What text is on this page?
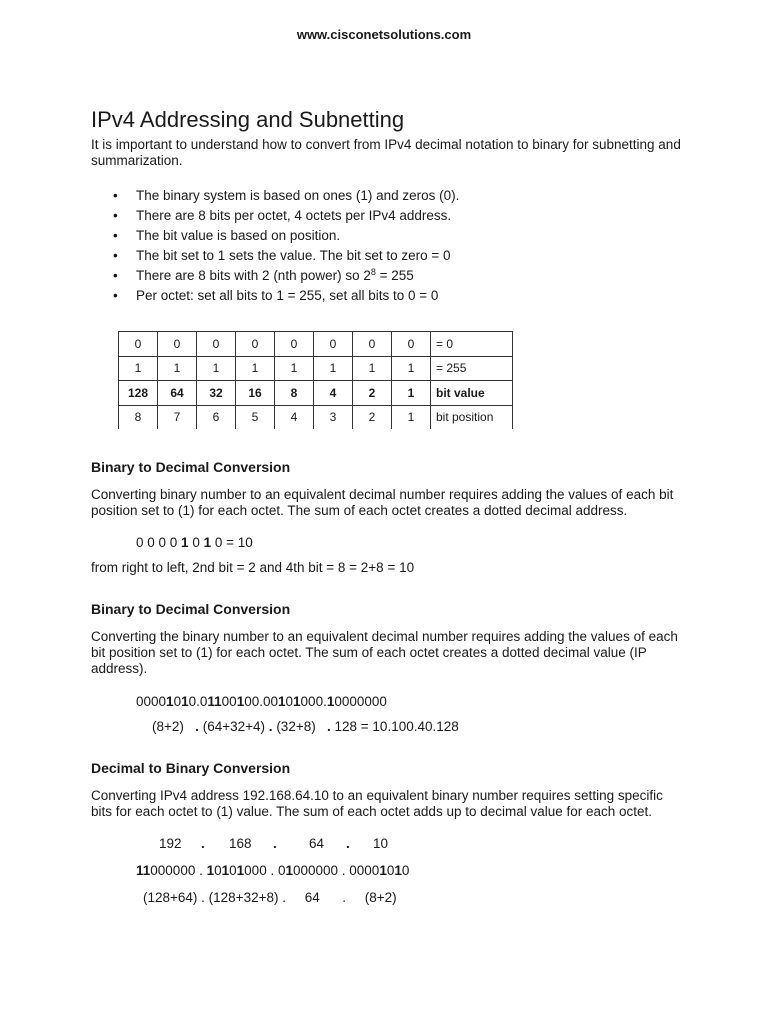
www.cisconetsolutions.com
IPv4 Addressing and Subnetting

It is important to understand how to convert from IPv4 decimal notation to binary for subnetting and summarization.

• The binary system is based on ones (1) and zeros (0).
• There are 8 bits per octet, 4 octets per IPv4 address.
• The bit value is based on position.
• The bit set to 1 sets the value. The bit set to zero = 0
• There are 8 bits with 2 (nth power) so $2^8 = 255$
• Per octet: set all bits to 1 = 255, set all bits to 0 = 0
0	0	0	0	0	0	0	0	= 0
1	1	1	1	1	1	1	1	= 255
128	64	32	16	8	4	2	1	bit value
8	7	6	5	4	3	2	1	bit position
Binary to Decimal Conversion

Converting binary number to an equivalent decimal number requires adding the values of each bit position set to (1) for each octet. The sum of each octet creates a dotted decimal address.

0 0 0 0 1 0 1 0 = 10
from right to left, 2nd bit = 2 and 4th bit = 8 = 2+8 = 10
Binary to Decimal Conversion

Converting the binary number to an equivalent decimal number requires adding the values of each bit position set to (1) for each octet. The sum of each octet creates a dotted decimal value (IP address).

00001010.01100100.00101000.10000000
(8+2) . (64+32+4) . (32+8) . 128 = 10.100.40.128
Decimal to Binary Conversion

Converting IPv4 address 192.168.64.10 to an equivalent binary number requires setting specific bits for each octet to (1) value. The sum of each octet adds up to decimal value for each octet.

192 . 168 . 64 . 10
11000000 . 10101000 . 01000000 . 00001010
(128+64) . (128+32+8) .     64      .     (8+2)
